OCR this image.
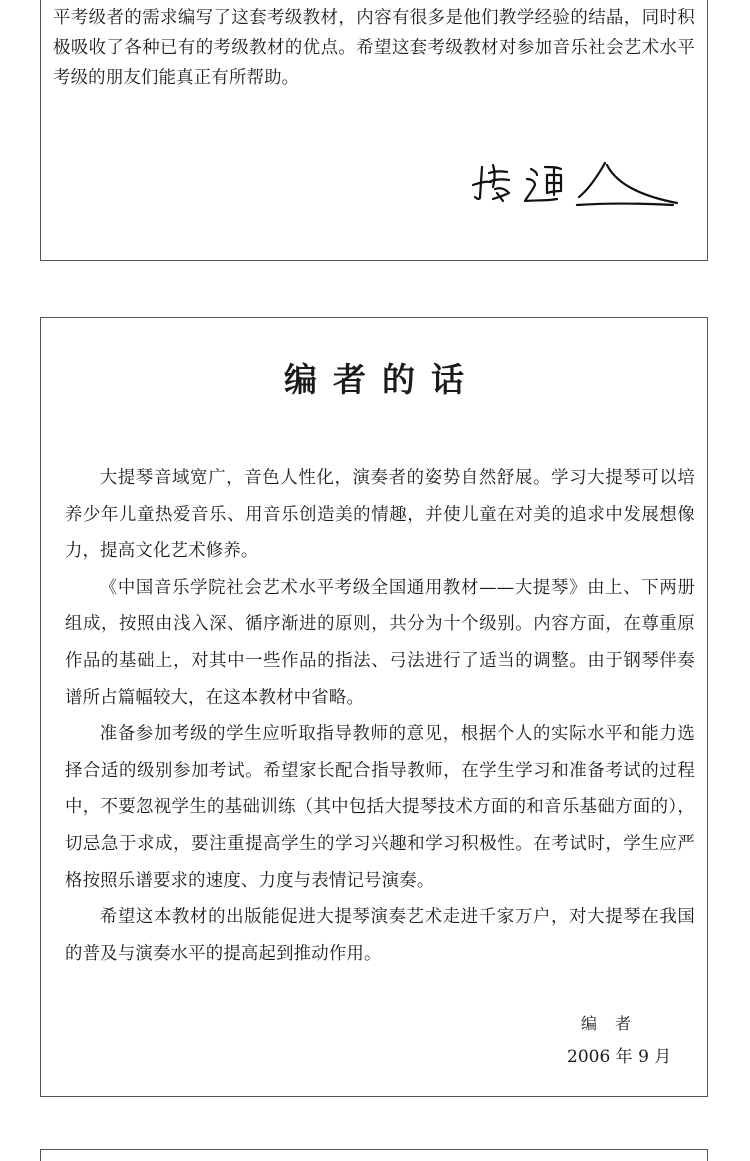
平考级者的需求编写了这套考级教材，内容有很多是他们教学经验的结晶，同时积极吸收了各种已有的考级教材的优点。希望这套考级教材对参加音乐社会艺术水平考级的朋友们能真正有所帮助。

编者的话

大提琴音域宽广，音色人性化，演奏者的姿势自然舒展。学习大提琴可以培养少年儿童热爱音乐、用音乐创造美的情趣，并使儿童在对美的追求中发展想像力，提高文化艺术修养。

《中国音乐学院社会艺术水平考级全国通用教材——大提琴》由上、下两册组成，按照由浅入深、循序渐进的原则，共分为十个级别。内容方面，在尊重原作品的基础上，对其中一些作品的指法、弓法进行了适当的调整。由于钢琴伴奏谱所占篇幅较大，在这本教材中省略。

准备参加考级的学生应听取指导教师的意见，根据个人的实际水平和能力选择合适的级别参加考试。希望家长配合指导教师，在学生学习和准备考试的过程中，不要忽视学生的基础训练（其中包括大提琴技术方面的和音乐基础方面的），切忌急于求成，要注重提高学生的学习兴趣和学习积极性。在考试时，学生应严格按照乐谱要求的速度、力度与表情记号演奏。

希望这本教材的出版能促进大提琴演奏艺术走进千家万户，对大提琴在我国的普及与演奏水平的提高起到推动作用。

编者

2006 年 9 月
